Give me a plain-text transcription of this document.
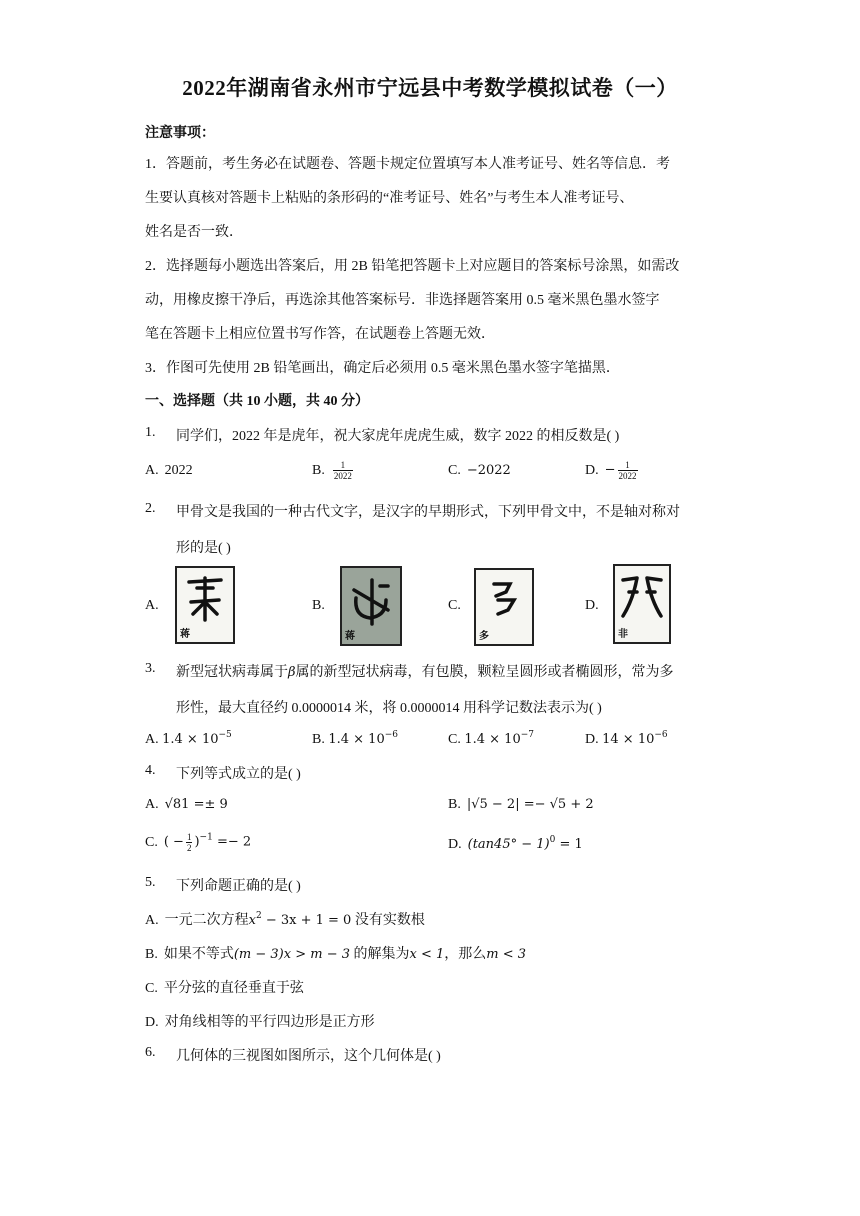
2022年湖南省永州市宁远县中考数学模拟试卷（一）
注意事项：
1．答题前，考生务必在试题卷、答题卡规定位置填写本人准考证号、姓名等信息．考
生要认真核对答题卡上粘贴的条形码的“准考证号、姓名”与考生本人准考证号、
姓名是否一致．
2．选择题每小题选出答案后，用 2B 铅笔把答题卡上对应题目的答案标号涂黑，如需改
动，用橡皮擦干净后，再选涂其他答案标号．非选择题答案用 0.5 毫米黑色墨水签字
笔在答题卡上相应位置书写作答，在试题卷上答题无效．
3．作图可先使用 2B 铅笔画出，确定后必须用 0.5 毫米黑色墨水签字笔描黑．
一、选择题（共 10 小题，共 40 分）
1. 同学们，2022 年是虎年，祝大家虎年虎虎生威，数字 2022 的相反数是( )
A. 2022	B. $\frac{1}{2022}$	C. −2022	D. − $\frac{1}{2022}$
2. 甲骨文是我国的一种古代文字，是汉字的早期形式，下列甲骨文中，不是轴对称对
形的是( )
A.
蒋
B.
蒋
C.
多
D.
非
3. 新型冠状病毒属于β属的新型冠状病毒，有包膜，颗粒呈圆形或者椭圆形，常为多
形性，最大直径约 0.0000014 米，将 0.0000014 用科学记数法表示为( )
A. $1.4 \times 10^{-5}$	B. $1.4 \times 10^{-6}$	C. $1.4 \times 10^{-7}$	D. $14 \times 10^{-6}$
4. 下列等式成立的是( )
A. √81 =± 9	B. |√5 − 2| =− √5 + 2
C. ( − $\frac{1}{2} )^{-1} =- 2$	D. $(\tan 45^\circ - 1)^0 = 1$
5. 下列命题正确的是( )
A. 一元二次方程$x^2 - 3x + 1 = 0$ 没有实数根
B. 如果不等式(m − 3)x > m − 3 的解集为x < 1，那么m < 3
C. 平分弦的直径垂直于弦
D. 对角线相等的平行四边形是正方形
6. 几何体的三视图如图所示，这个几何体是( )
